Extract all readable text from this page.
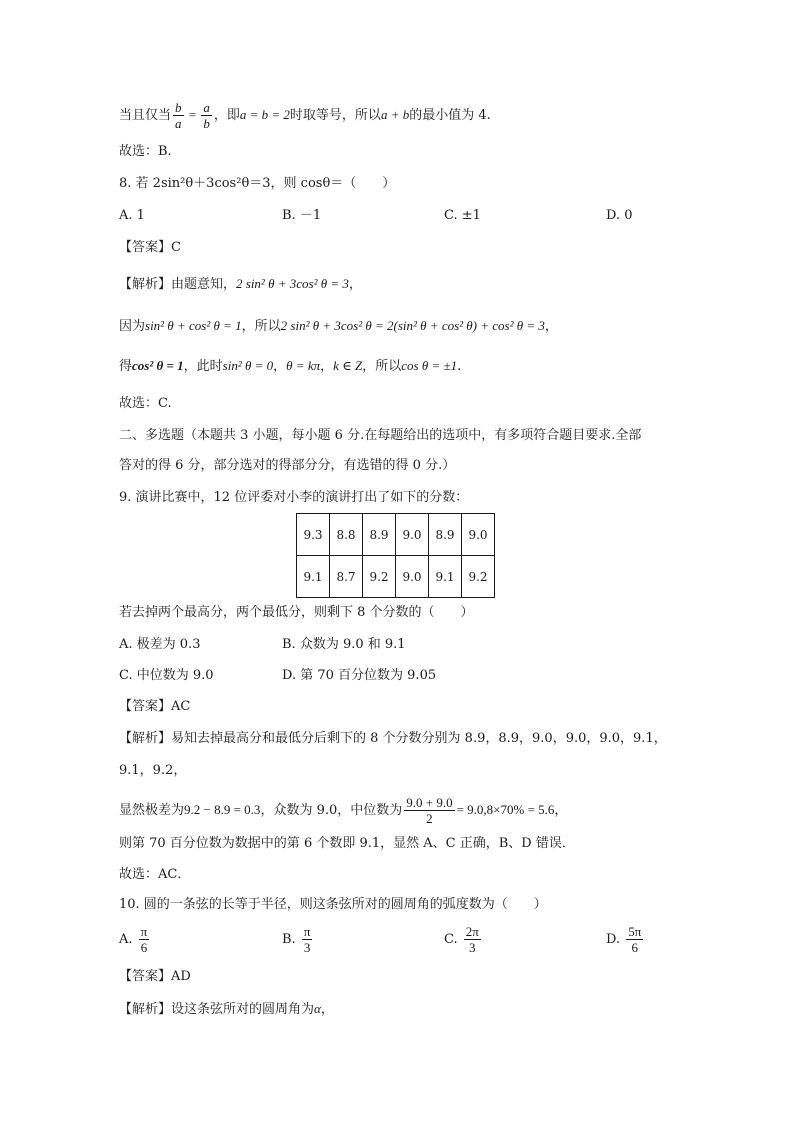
当且仅当 $\frac{b}{a} = \frac{a}{b}$ ，即a = b = 2时取等号，所以a + b的最小值为 4.
故选：B.
8. 若 2sin²θ＋3cos²θ＝3，则 cosθ＝（　　）
A. 1	B. －1	C. ±1	D. 0
【答案】C
【解析】由题意知，2 sin² θ + 3cos² θ = 3，
因为sin² θ + cos² θ = 1，所以2 sin² θ + 3cos² θ = 2(sin² θ + cos² θ) + cos² θ = 3，
得cos² θ = 1，此时sin² θ = 0，θ = kπ，k ∈ Z，所以cos θ = ±1.
故选：C.
二、多选题（本题共 3 小题，每小题 6 分.在每题给出的选项中，有多项符合题目要求.全部
答对的得 6 分，部分选对的得部分分，有选错的得 0 分.）
9. 演讲比赛中，12 位评委对小李的演讲打出了如下的分数：
9.3	8.8	8.9	9.0	8.9	9.0
9.1	8.7	9.2	9.0	9.1	9.2
若去掉两个最高分，两个最低分，则剩下 8 个分数的（　　）
A. 极差为 0.3	B. 众数为 9.0 和 9.1
C. 中位数为 9.0	D. 第 70 百分位数为 9.05
【答案】AC
【解析】易知去掉最高分和最低分后剩下的 8 个分数分别为 8.9，8.9，9.0，9.0，9.0，9.1，
9.1，9.2，
显然极差为9.2 − 8.9 = 0.3，众数为 9.0，中位数为 $\frac{9.0 + 9.0}{2} = 9.0,8\times 70\% = 5.6$，
则第 70 百分位数为数据中的第 6 个数即 9.1，显然 A、C 正确，B、D 错误．
故选：AC．
10. 圆的一条弦的长等于半径，则这条弦所对的圆周角的弧度数为（　　）
A. $\frac{\pi}{6}$	B. $\frac{\pi}{3}$	C. $\frac{2\pi}{3}$	D. $\frac{5\pi}{6}$
【答案】AD
【解析】设这条弦所对的圆周角为α，
